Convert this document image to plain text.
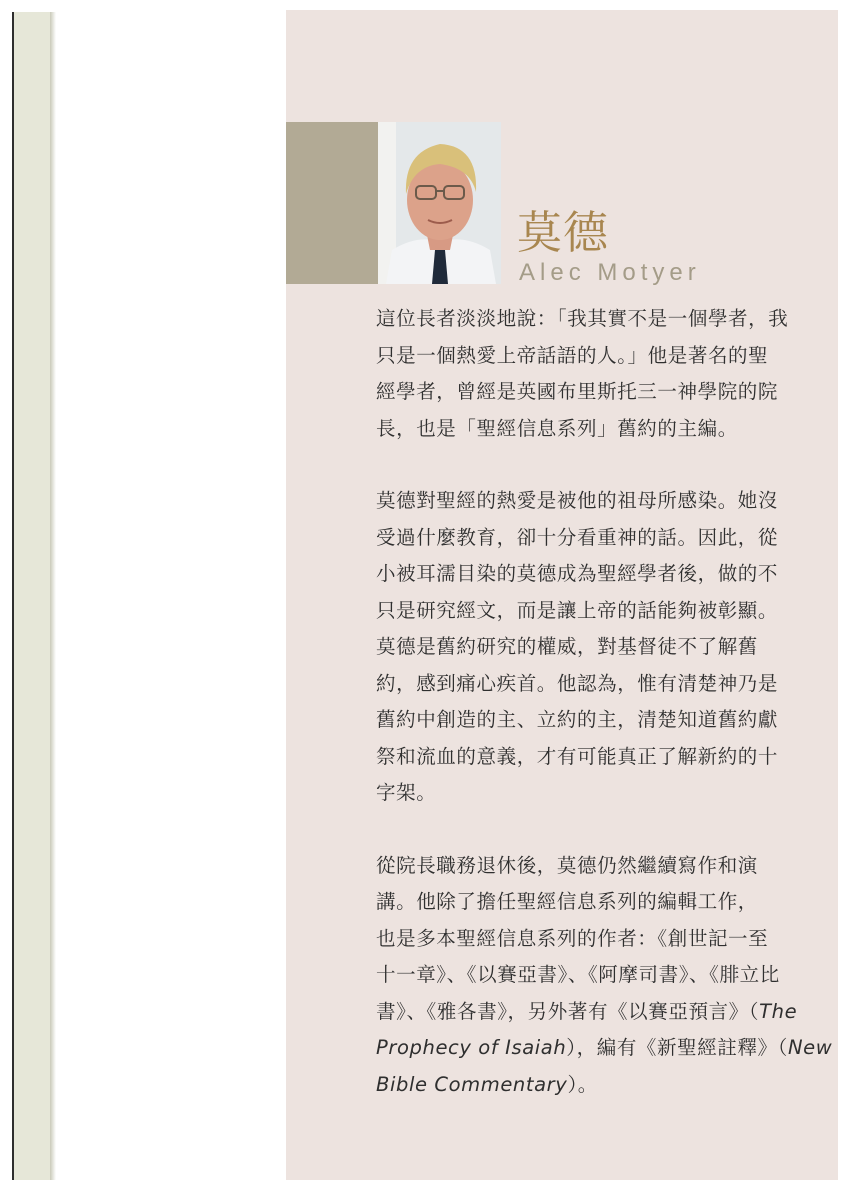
莫德
Alec Motyer

這位長者淡淡地說：「我其實不是一個學者，我
只是一個熱愛上帝話語的人。」他是著名的聖
經學者，曾經是英國布里斯托三一神學院的院
長，也是「聖經信息系列」舊約的主編。

莫德對聖經的熱愛是被他的祖母所感染。她沒
受過什麼教育，卻十分看重神的話。因此，從
小被耳濡目染的莫德成為聖經學者後，做的不
只是研究經文，而是讓上帝的話能夠被彰顯。
莫德是舊約研究的權威，對基督徒不了解舊
約，感到痛心疾首。他認為，惟有清楚神乃是
舊約中創造的主、立約的主，清楚知道舊約獻
祭和流血的意義，才有可能真正了解新約的十
字架。

從院長職務退休後，莫德仍然繼續寫作和演
講。他除了擔任聖經信息系列的編輯工作，
也是多本聖經信息系列的作者：《創世記一至
十一章》、《以賽亞書》、《阿摩司書》、《腓立比
書》、《雅各書》，另外著有《以賽亞預言》（The
Prophecy of Isaiah），編有《新聖經註釋》（New
Bible Commentary）。
